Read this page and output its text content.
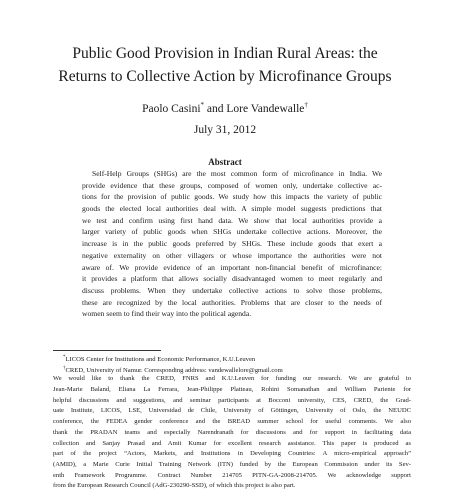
Public Good Provision in Indian Rural Areas: the
Returns to Collective Action by Microfinance Groups
Paolo Casini* and Lore Vandewalle†
July 31, 2012
Abstract
Self-Help Groups (SHGs) are the most common form of microfinance in India. We
provide evidence that these groups, composed of women only, undertake collective ac-
tions for the provision of public goods. We study how this impacts the variety of public
goods the elected local authorities deal with. A simple model suggests predictions that
we test and confirm using first hand data. We show that local authorities provide a
larger variety of public goods when SHGs undertake collective actions. Moreover, the
increase is in the public goods preferred by SHGs. These include goods that exert a
negative externality on other villagers or whose importance the authorities were not
aware of. We provide evidence of an important non-financial benefit of microfinance:
it provides a platform that allows socially disadvantaged women to meet regularly and
discuss problems. When they undertake collective actions to solve those problems,
these are recognized by the local authorities. Problems that are closer to the needs of
women seem to find their way into the political agenda.
*LICOS Center for Institutions and Economic Performance, K.U.Leuven
†CRED, University of Namur. Corresponding address: vandewallelore@gmail.com
We would like to thank the CRED, FNRS and K.U.Leuven for funding our research. We are grateful to
Jean-Marie Baland, Eliana La Ferrara, Jean-Philippe Platteau, Rohini Somanathan and William Pariente for
helpful discussions and suggestions, and seminar participants at Bocconi university, CES, CRED, the Grad-
uate Institute, LICOS, LSE, Universidad de Chile, University of Göttingen, University of Oslo, the NEUDC
conference, the FEDEA gender conference and the BREAD summer school for useful comments. We also
thank the PRADAN teams and especially Narendranath for discussions and for support in facilitating data
collection and Sanjay Prasad and Amit Kumar for excellent research assistance. This paper is produced as
part of the project “Actors, Markets, and Institutions in Developing Countries: A micro-empirical approach”
(AMID), a Marie Curie Initial Training Network (ITN) funded by the European Commission under its Sev-
enth Framework Programme. Contract Number 214705 PITN-GA-2008-214705. We acknowledge support
from the European Research Council (AdG-230290-SSD), of which this project is also part.
